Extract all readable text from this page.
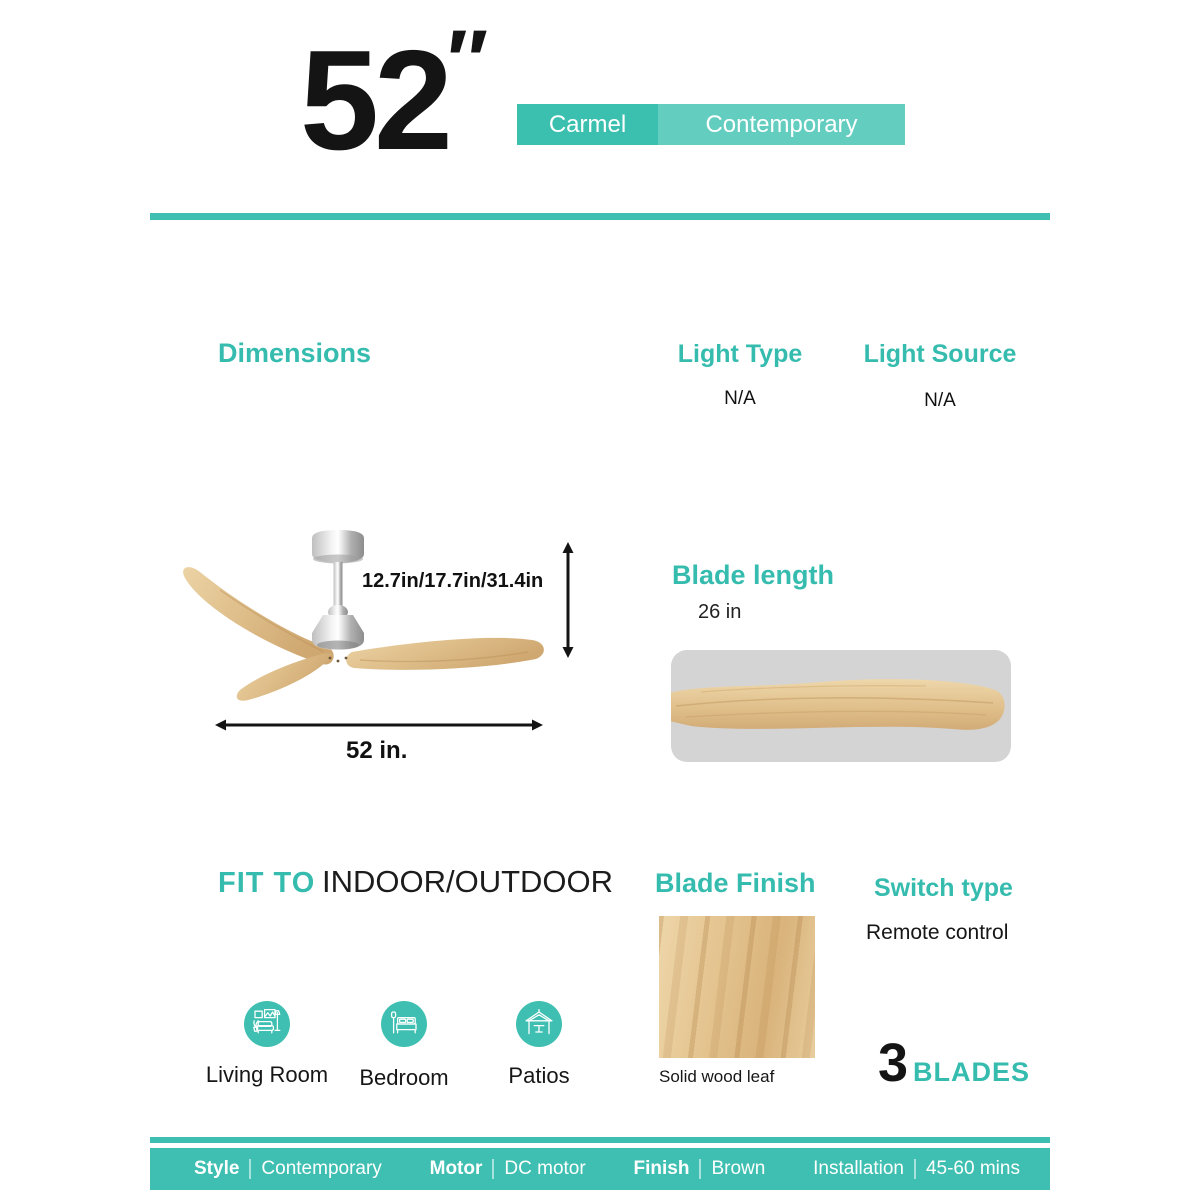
52 ″
Carmel	Contemporary
Dimensions	Light Type
N/A
Light Source
N/A
12.7in/17.7in/31.4in
52 in.
Blade length
26 in
FIT TO INDOOR/OUTDOOR
Living Room	Bedroom	Patios
Blade Finish
Solid wood leaf
Switch type
Remote control
3 BLADES
Style Contemporary	Motor DC motor	Finish Brown	Installation 45-60 mins
